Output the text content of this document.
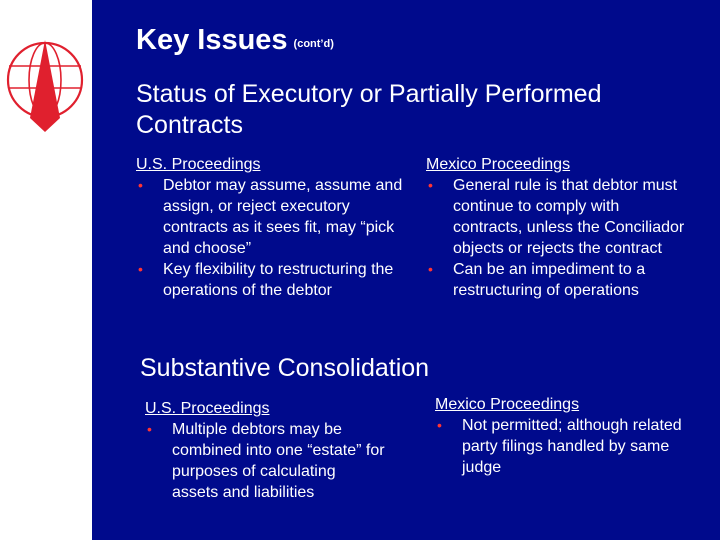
Key Issues (cont’d)
Status of Executory or Partially Performed Contracts
U.S. Proceedings
• Debtor may assume, assume and assign, or reject executory contracts as it sees fit, may “pick and choose”
• Key flexibility to restructuring the operations of the debtor
Mexico Proceedings
• General rule is that debtor must continue to comply with contracts, unless the Conciliador objects or rejects the contract
• Can be an impediment to a restructuring of operations
Substantive Consolidation
U.S. Proceedings
• Multiple debtors may be combined into one “estate” for purposes of calculating assets and liabilities
Mexico Proceedings
• Not permitted; although related party filings handled by same judge
